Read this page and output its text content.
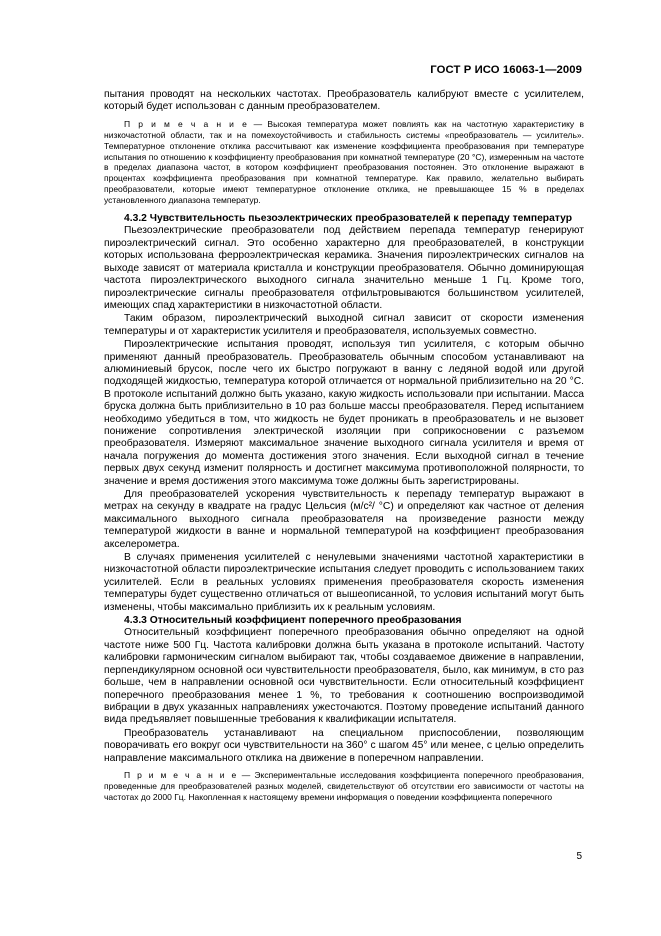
ГОСТ Р ИСО 16063-1—2009

пытания проводят на нескольких частотах. Преобразователь калибруют вместе с усилителем, который будет использован с данным преобразователем.

П р и м е ч а н и е — Высокая температура может повлиять как на частотную характеристику в низкочастотной области, так и на помехоустойчивость и стабильность системы «преобразователь — усилитель». Температурное отклонение отклика рассчитывают как изменение коэффициента преобразования при температуре испытания по отношению к коэффициенту преобразования при комнатной температуре (20 °С), измеренным на частоте в пределах диапазона частот, в котором коэффициент преобразования постоянен. Это отклонение выражают в процентах коэффициента преобразования при комнатной температуре. Как правило, желательно выбирать преобразователи, которые имеют температурное отклонение отклика, не превышающее 15 % в пределах установленного диапазона температур.

4.3.2 Чувствительность пьезоэлектрических преобразователей к перепаду температур

Пьезоэлектрические преобразователи под действием перепада температур генерируют пироэлектрический сигнал. Это особенно характерно для преобразователей, в конструкции которых использована ферроэлектрическая керамика. Значения пироэлектрических сигналов на выходе зависят от материала кристалла и конструкции преобразователя. Обычно доминирующая частота пироэлектрического выходного сигнала значительно меньше 1 Гц. Кроме того, пироэлектрические сигналы преобразователя отфильтровываются большинством усилителей, имеющих спад характеристики в низкочастотной области.

Таким образом, пироэлектрический выходной сигнал зависит от скорости изменения температуры и от характеристик усилителя и преобразователя, используемых совместно.

Пироэлектрические испытания проводят, используя тип усилителя, с которым обычно применяют данный преобразователь. Преобразователь обычным способом устанавливают на алюминиевый брусок, после чего их быстро погружают в ванну с ледяной водой или другой подходящей жидкостью, температура которой отличается от нормальной приблизительно на 20 °С. В протоколе испытаний должно быть указано, какую жидкость использовали при испытании. Масса бруска должна быть приблизительно в 10 раз больше массы преобразователя. Перед испытанием необходимо убедиться в том, что жидкость не будет проникать в преобразователь и не вызовет понижение сопротивления электрической изоляции при соприкосновении с разъемом преобразователя. Измеряют максимальное значение выходного сигнала усилителя и время от начала погружения до момента достижения этого значения. Если выходной сигнал в течение первых двух секунд изменит полярность и достигнет максимума противоположной полярности, то значение и время достижения этого максимума тоже должны быть зарегистрированы.

Для преобразователей ускорения чувствительность к перепаду температур выражают в метрах на секунду в квадрате на градус Цельсия (м/с²/ °С) и определяют как частное от деления максимального выходного сигнала преобразователя на произведение разности между температурой жидкости в ванне и нормальной температурой на коэффициент преобразования акселерометра.

В случаях применения усилителей с ненулевыми значениями частотной характеристики в низкочастотной области пироэлектрические испытания следует проводить с использованием таких усилителей. Если в реальных условиях применения преобразователя скорость изменения температуры будет существенно отличаться от вышеописанной, то условия испытаний могут быть изменены, чтобы максимально приблизить их к реальным условиям.

4.3.3 Относительный коэффициент поперечного преобразования

Относительный коэффициент поперечного преобразования обычно определяют на одной частоте ниже 500 Гц. Частота калибровки должна быть указана в протоколе испытаний. Частоту калибровки гармоническим сигналом выбирают так, чтобы создаваемое движение в направлении, перпендикулярном основной оси чувствительности преобразователя, было, как минимум, в сто раз больше, чем в направлении основной оси чувствительности. Если относительный коэффициент поперечного преобразования менее 1 %, то требования к соотношению воспроизводимой вибрации в двух указанных направлениях ужесточаются. Поэтому проведение испытаний данного вида предъявляет повышенные требования к квалификации испытателя.

Преобразователь устанавливают на специальном приспособлении, позволяющим поворачивать его вокруг оси чувствительности на 360° с шагом 45° или менее, с целью определить направление максимального отклика на движение в поперечном направлении.

П р и м е ч а н и е — Экспериментальные исследования коэффициента поперечного преобразования, проведенные для преобразователей разных моделей, свидетельствуют об отсутствии его зависимости от частоты на частотах до 2000 Гц. Накопленная к настоящему времени информация о поведении коэффициента поперечного

5
